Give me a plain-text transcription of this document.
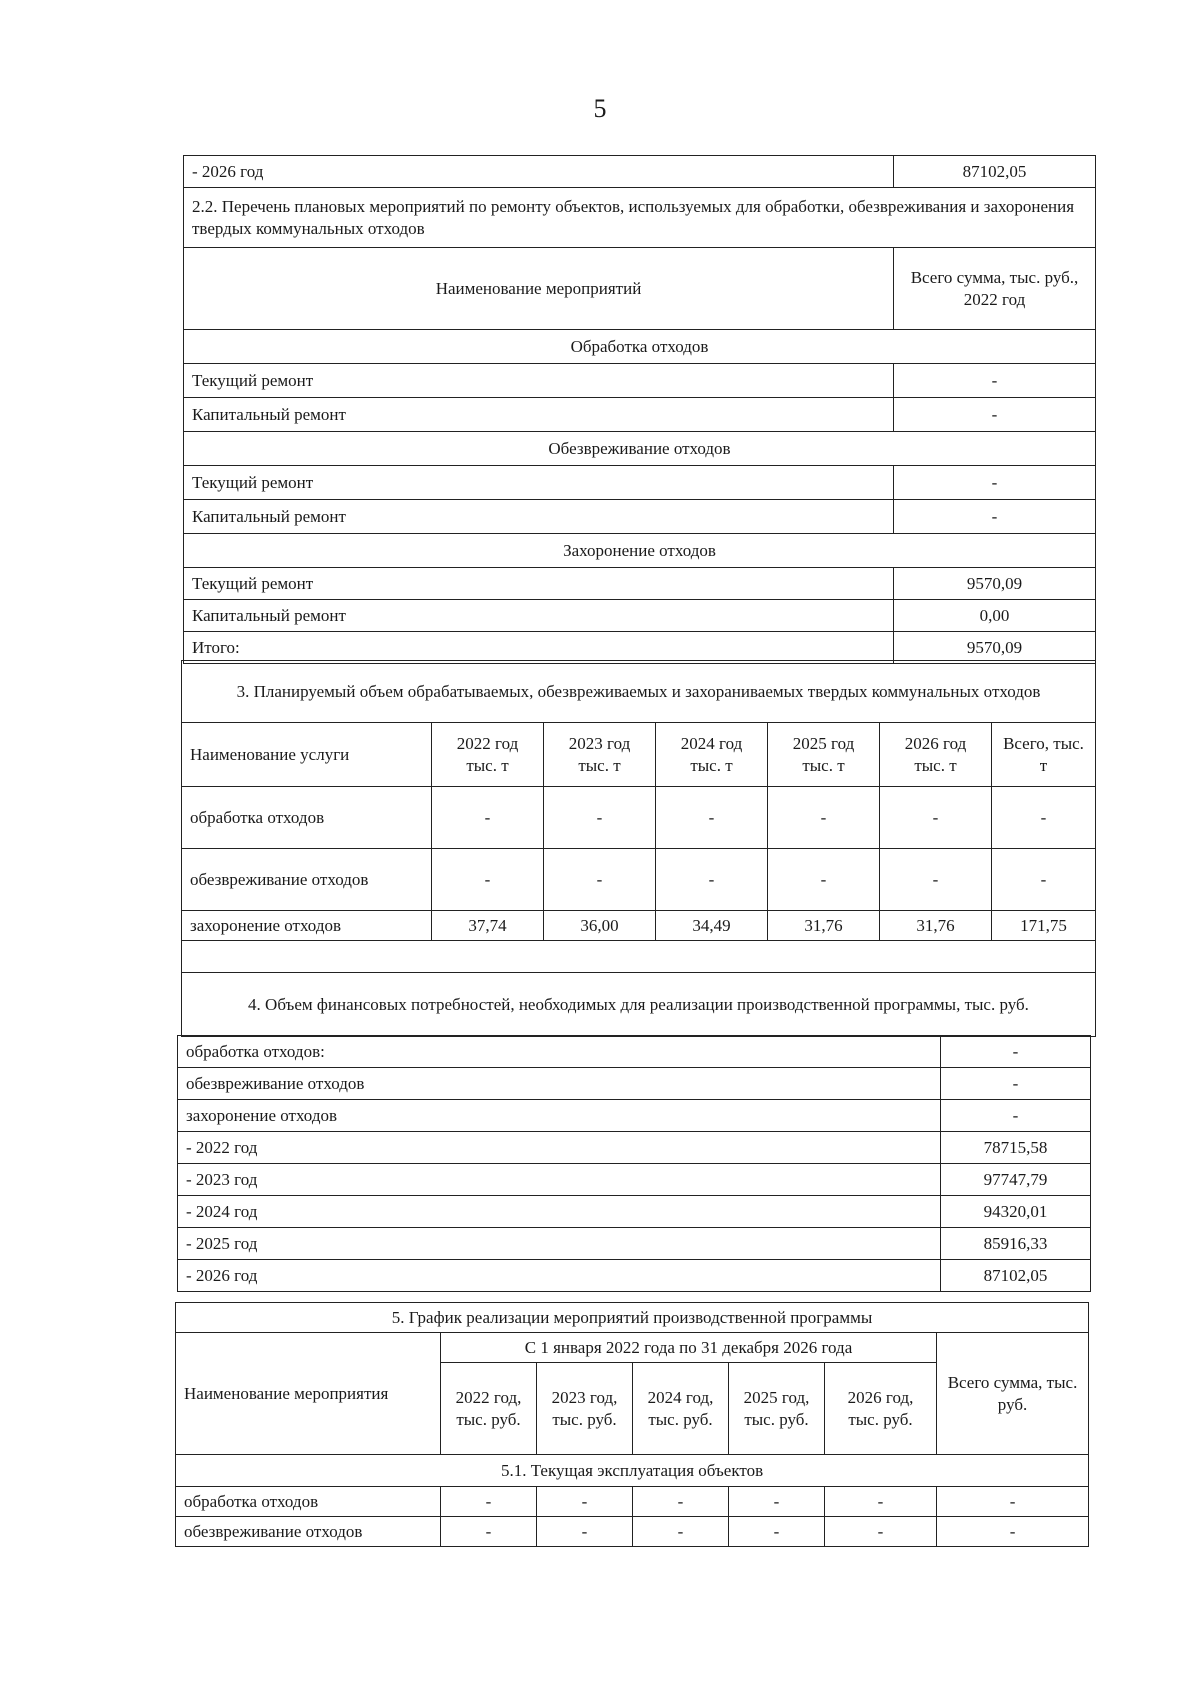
5
- 2026 год	87102,05
2.2. Перечень плановых мероприятий по ремонту объектов, используемых для обработки, обезвреживания и захоронения твердых коммунальных отходов	
Наименование мероприятий	Всего сумма, тыс. руб., 2022 год
Обработка отходов	
Текущий ремонт	-
Капитальный ремонт	-
Обезвреживание отходов	
Текущий ремонт	-
Капитальный ремонт	-
Захоронение отходов	
Текущий ремонт	9570,09
Капитальный ремонт	0,00
Итого:	9570,09
3. Планируемый объем обрабатываемых, обезвреживаемых и захораниваемых твердых коммунальных отходов						
Наименование услуги	2022 год тыс. т	2023 год тыс. т	2024 год тыс. т	2025 год тыс. т	2026 год тыс. т	Всего, тыс. т
обработка отходов	-	-	-	-	-	-
обезвреживание отходов	-	-	-	-	-	-
захоронение отходов	37,74	36,00	34,49	31,76	31,76	171,75

4. Объем финансовых потребностей, необходимых для реализации производственной программы, тыс. руб.						
обработка отходов:	-
обезвреживание отходов	-
захоронение отходов	-
- 2022 год	78715,58
- 2023 год	97747,79
- 2024 год	94320,01
- 2025 год	85916,33
- 2026 год	87102,05
5. График реализации мероприятий производственной программы						
Наименование мероприятия	С 1 января 2022 года по 31 декабря 2026 года					Всего сумма, тыс. руб.
	2022 год, тыс. руб.	2023 год, тыс. руб.	2024 год, тыс. руб.	2025 год, тыс. руб.	2026 год, тыс. руб.	
5.1. Текущая эксплуатация объектов						
обработка отходов	-	-	-	-	-	-
обезвреживание отходов	-	-	-	-	-	-
